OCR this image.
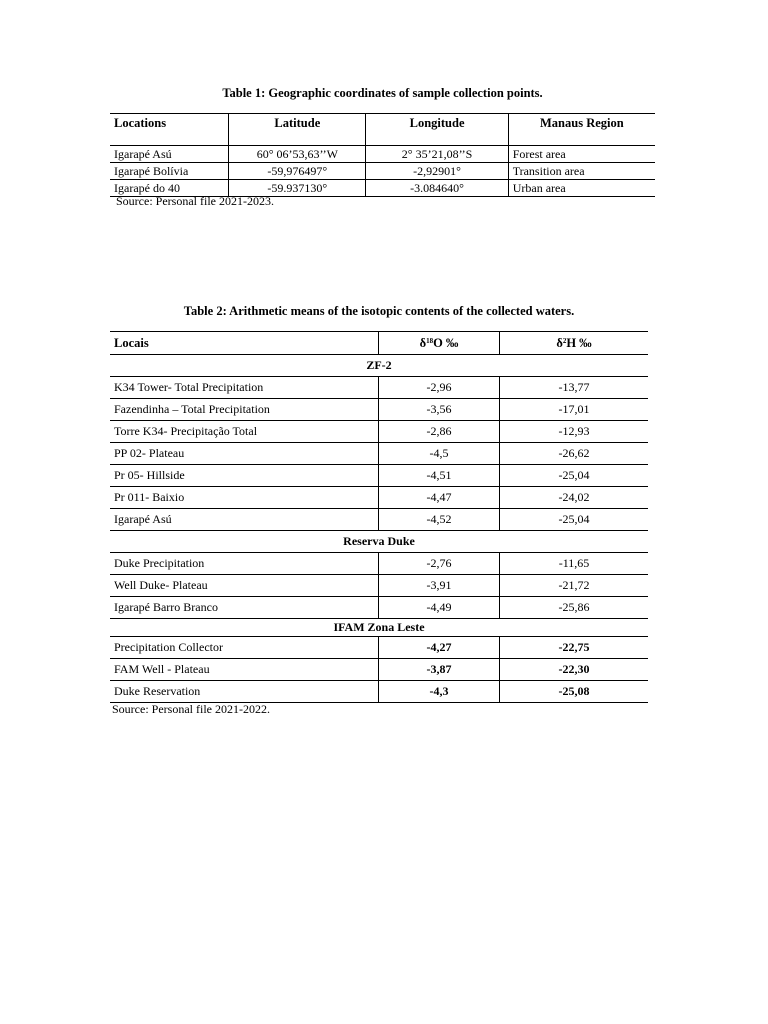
Table 1: Geographic coordinates of sample collection points.
Locations	Latitude	Longitude	Manaus Region
Igarapé Asú	60° 06’53,63’’W	2° 35’21,08’’S	Forest area
Igarapé Bolívia	-59,976497°	-2,92901°	Transition area
Igarapé do 40	-59.937130°	-3.084640°	Urban area
Source: Personal file 2021-2023.
Table 2: Arithmetic means of the isotopic contents of the collected waters.
Locais	$\delta^{18}O$ ‰	$\delta^2H$ ‰
ZF-2		
K34 Tower- Total Precipitation	-2,96	-13,77
Fazendinha – Total Precipitation	-3,56	-17,01
Torre K34- Precipitação Total	-2,86	-12,93
PP 02- Plateau	-4,5	-26,62
Pr 05- Hillside	-4,51	-25,04
Pr 011- Baixio	-4,47	-24,02
Igarapé Asú	-4,52	-25,04
Reserva Duke		
Duke Precipitation	-2,76	-11,65
Well Duke- Plateau	-3,91	-21,72
Igarapé Barro Branco	-4,49	-25,86
IFAM Zona Leste		
Precipitation Collector	-4,27	-22,75
FAM Well - Plateau	-3,87	-22,30
Duke Reservation	-4,3	-25,08
Source: Personal file 2021-2022.
